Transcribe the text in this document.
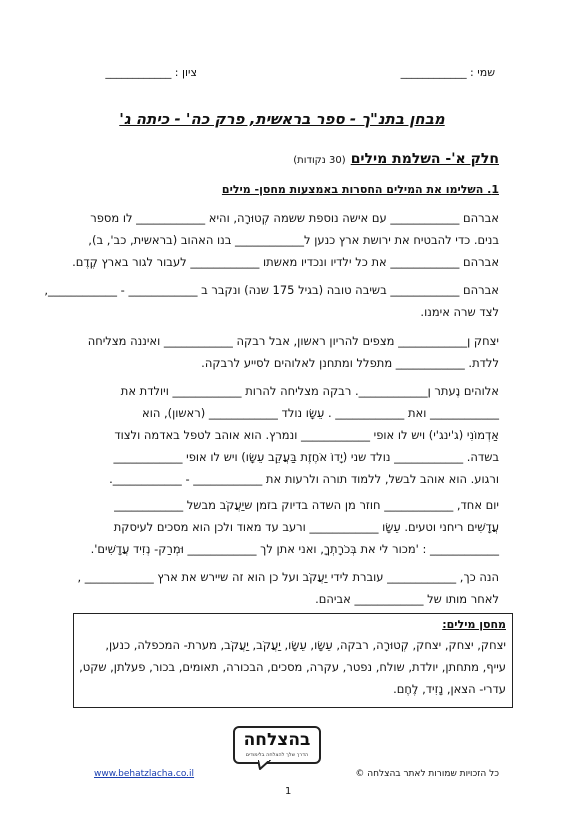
שמי : ____________
ציון : ____________
מבחן בתנ"ך - ספר בראשית, פרק כה' - כיתה ג'
חלק א'- השלמת מילים (30 נקודות)
1. השלימו את המילים החסרות באמצעות מחסן- מילים
אברהם ____________ עם אישה נוספת ששמה קְטוּרָה, והיא ____________ לו מספר
בנים. כדי להבטיח את ירושת ארץ כנען ל____________ בנו האהוב (בראשית, כב', ב),
אברהם ____________ את כל ילדיו ונכדיו מאשתו ____________ לעבור לגור בארץ קֶדֶם.
אברהם ____________ בשיבה טובה (בגיל 175 שנה) ונקבר ב ____________ - ____________,
לצד שרה אימנו.
יצחק ן____________ מצפים להריון ראשון, אבל רבקה ____________ ואיננה מצליחה
ללדת. ____________ מתפלל ומתחנן לאלוהים לסייע לרבקה.
אלוהים נֶעתר ן____________. רבקה מצליחה להרות ____________ ויולדת את
____________ ואת ____________ . עֵשָׂו נולד ____________ (ראשון), הוא
אַדְמוֹנִי (ג'ינג'י) ויש לו אופי ____________ ונמרץ. הוא אוהב לטפל באדמה ולצוד
בשדה. ____________ נולד שני (יָדוֹ אֹחֶזֶת בַּעֲקֵב עֵשָׂו) ויש לו אופי ____________
ורגוע. הוא אוהב לבשל, ללמוד תורה ולרעות את ____________ - ____________.
יום אחד, ____________ חוזר מן השדה בדיוק בזמן שיַעֲקֹב מבשל ____________
עֲדָשִׁים ריחני וטעים. עֵשָׂו ____________ ורעב עד מאוד ולכן הוא מסכים לעיסקת
____________ : 'מכור לי את בְּכֹרָתְךָ, ואני אתן לך ____________ וּמְרַק- נְזִיד עֲדָשִׁים'.
הנה כך, ____________ עוברת לידי יַעֲקֹב ועל כן הוא זה שיירש את ארץ ____________ ,
לאחר מותו של ____________ אביהם.
מחסן מילים:
יצחק, יצחק, יצחק, קְטוּרָה, רבקה, עֵשָׂו, עֵשָׂו, יַעֲקֹב, יַעֲקֹב, מערת- המכפלה, כנען,
עייף, מתחתן, יולדת, שולח, נפטר, עקרה, מסכים, הבכורה, תאומים, בכור, פעלתן, שקט,
עדרי- הצאן, נָזִיד, לֶחֶם.
בהצלחה
הדרך שלך להצלחה בלימודים
כל הזכויות שמורות לאתר בהצלחה ©
www.behatzlacha.co.il
1
